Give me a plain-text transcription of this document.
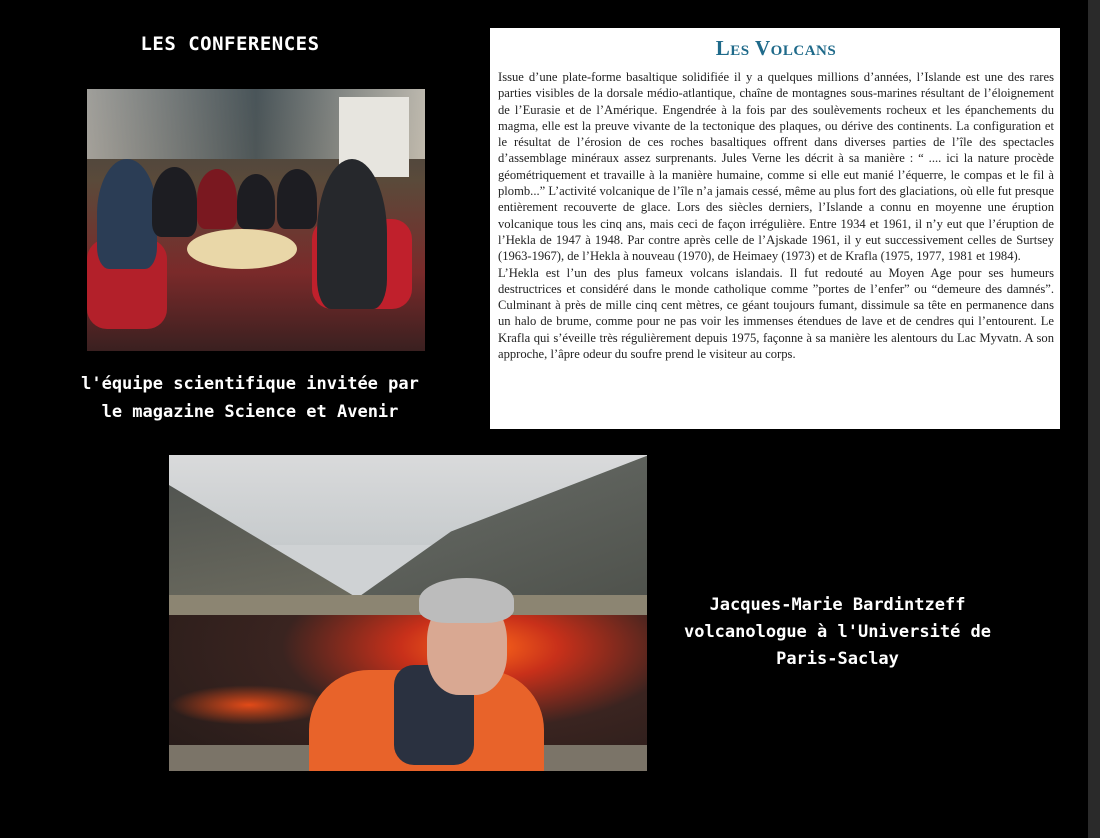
LES CONFERENCES
l'équipe scientifique invitée par le magazine Science et Avenir
Les Volcans

Issue d’une plate-forme basaltique solidifiée il y a quelques millions d’années, l’Islande est une des rares parties visibles de la dorsale médio-atlantique, chaîne de montagnes sous-marines résultant de l’éloignement de l’Eurasie et de l’Amérique. Engendrée à la fois par des soulèvements rocheux et les épanchements du magma, elle est la preuve vivante de la tectonique des plaques, ou dérive des continents. La configuration et le résultat de l’érosion de ces roches basaltiques offrent dans diverses parties de l’île des spectacles d’assemblage minéraux assez surprenants. Jules Verne les décrit à sa manière : “ .... ici la nature procède géométriquement et travaille à la manière humaine, comme si elle eut manié l’équerre, le compas et le fil à plomb...” L’activité volcanique de l’île n’a jamais cessé, même au plus fort des glaciations, où elle fut presque entièrement recouverte de glace. Lors des siècles derniers, l’Islande a connu en moyenne une éruption volcanique tous les cinq ans, mais ceci de façon irrégulière. Entre 1934 et 1961, il n’y eut que l’éruption de l’Hekla de 1947 à 1948. Par contre après celle de l’Ajskade 1961, il y eut successivement celles de Surtsey (1963-1967), de l’Hekla à nouveau (1970), de Heimaey (1973) et de Krafla (1975, 1977, 1981 et 1984).

L’Hekla est l’un des plus fameux volcans islandais. Il fut redouté au Moyen Age pour ses humeurs destructrices et considéré dans le monde catholique comme ”portes de l’enfer” ou “demeure des damnés”. Culminant à près de mille cinq cent mètres, ce géant toujours fumant, dissimule sa tête en permanence dans un halo de brume, comme pour ne pas voir les immenses étendues de lave et de cendres qui l’entourent. Le Krafla qui s’éveille très régulièrement depuis 1975, façonne à sa manière les alentours du Lac Myvatn. A son approche, l’âpre odeur du soufre prend le visiteur au corps.

Jacques-Marie Bardintzeff volcanologue à l'Université de Paris-Saclay
